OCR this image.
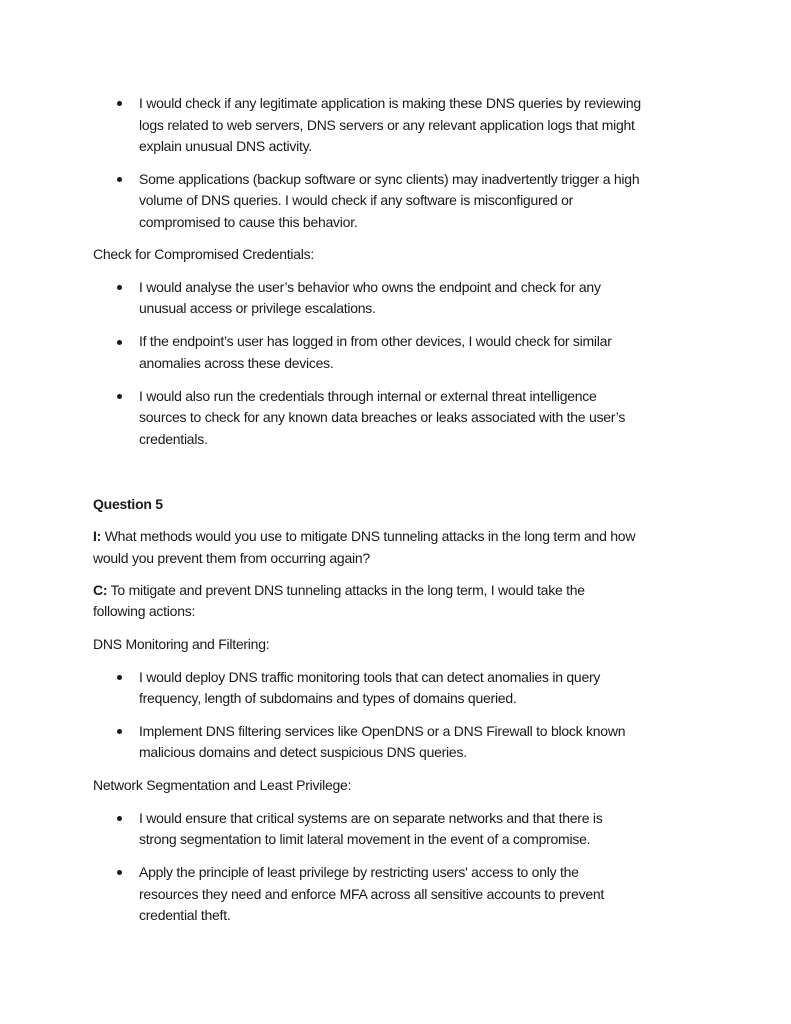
I would check if any legitimate application is making these DNS queries by reviewing
logs related to web servers, DNS servers or any relevant application logs that might
explain unusual DNS activity.
Some applications (backup software or sync clients) may inadvertently trigger a high
volume of DNS queries. I would check if any software is misconfigured or
compromised to cause this behavior.
Check for Compromised Credentials:
I would analyse the user’s behavior who owns the endpoint and check for any
unusual access or privilege escalations.
If the endpoint’s user has logged in from other devices, I would check for similar
anomalies across these devices.
I would also run the credentials through internal or external threat intelligence
sources to check for any known data breaches or leaks associated with the user’s
credentials.
Question 5
I: What methods would you use to mitigate DNS tunneling attacks in the long term and how
would you prevent them from occurring again?
C: To mitigate and prevent DNS tunneling attacks in the long term, I would take the
following actions:
DNS Monitoring and Filtering:
I would deploy DNS traffic monitoring tools that can detect anomalies in query
frequency, length of subdomains and types of domains queried.
Implement DNS filtering services like OpenDNS or a DNS Firewall to block known
malicious domains and detect suspicious DNS queries.
Network Segmentation and Least Privilege:
I would ensure that critical systems are on separate networks and that there is
strong segmentation to limit lateral movement in the event of a compromise.
Apply the principle of least privilege by restricting users' access to only the
resources they need and enforce MFA across all sensitive accounts to prevent
credential theft.
